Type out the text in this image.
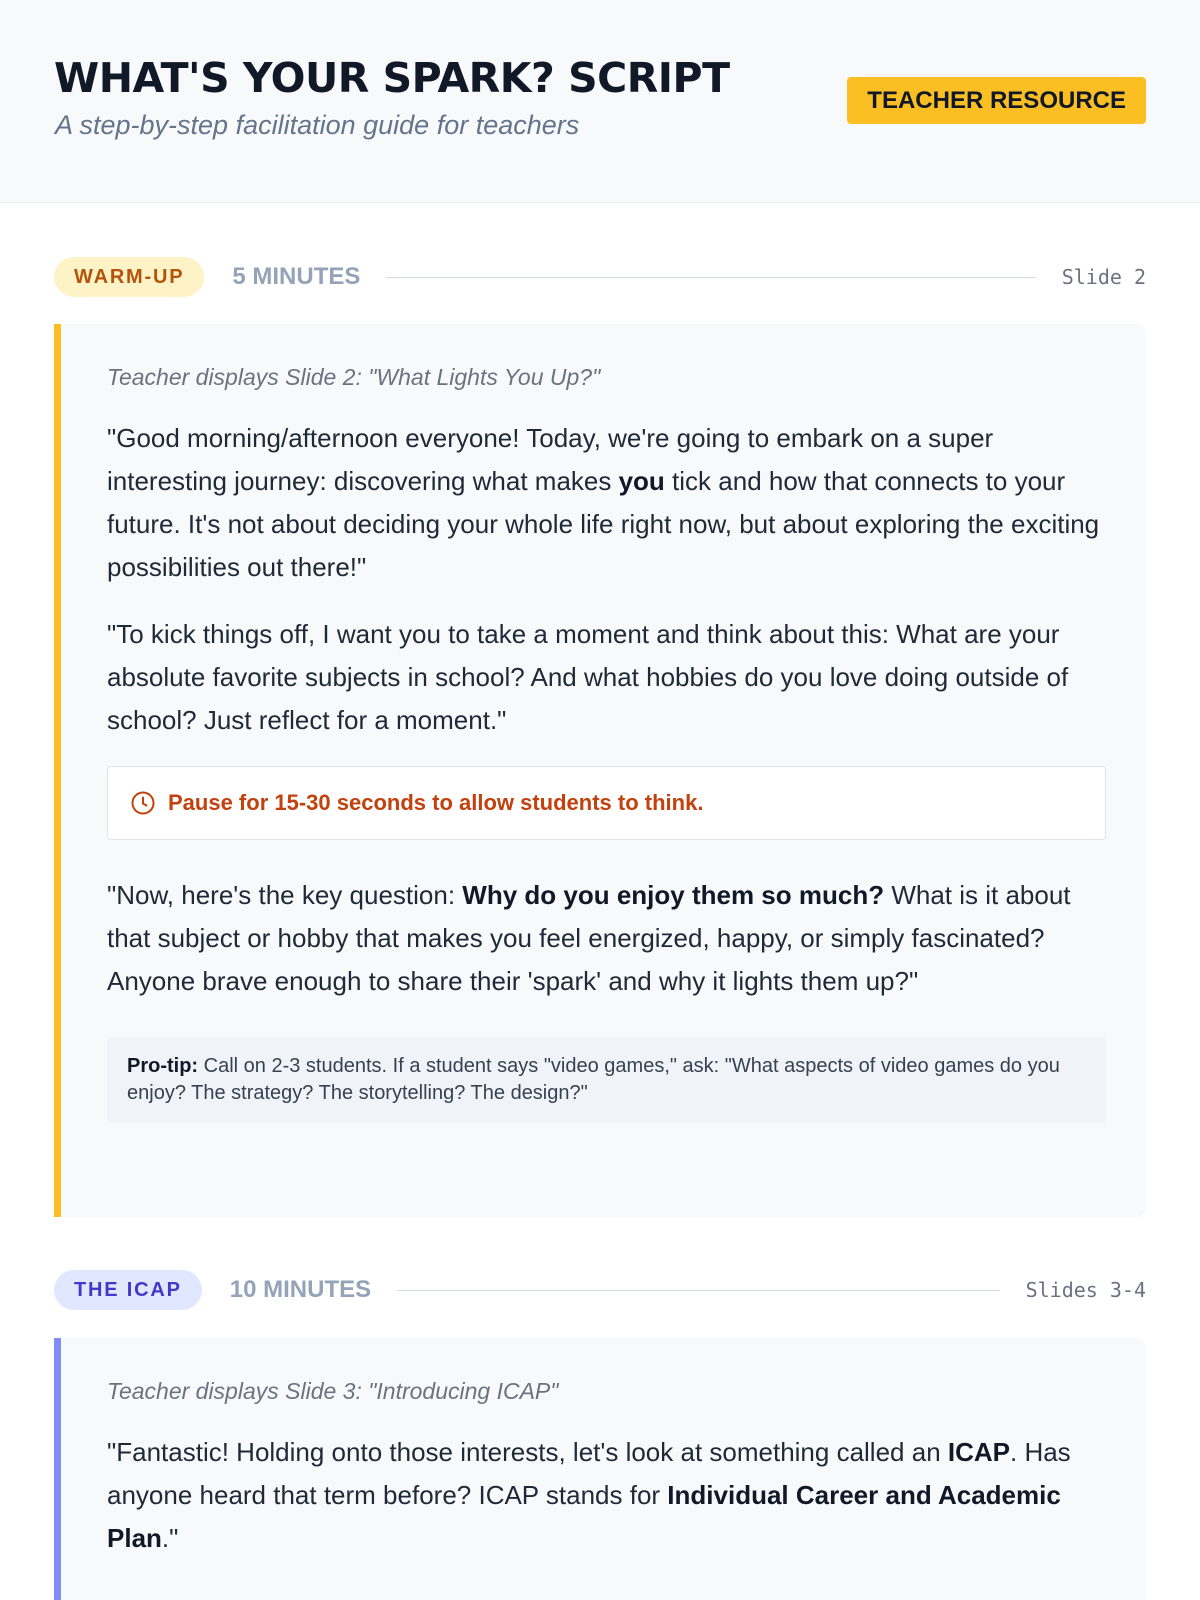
WHAT'S YOUR SPARK? SCRIPT
A step-by-step facilitation guide for teachers
TEACHER RESOURCE
WARM-UP	5 MINUTES	Slide 2
Teacher displays Slide 2: "What Lights You Up?"

"Good morning/afternoon everyone! Today, we're going to embark on a super interesting journey: discovering what makes you tick and how that connects to your future. It's not about deciding your whole life right now, but about exploring the exciting possibilities out there!"

"To kick things off, I want you to take a moment and think about this: What are your absolute favorite subjects in school? And what hobbies do you love doing outside of school? Just reflect for a moment."

Pause for 15-30 seconds to allow students to think.

"Now, here's the key question: Why do you enjoy them so much? What is it about that subject or hobby that makes you feel energized, happy, or simply fascinated? Anyone brave enough to share their 'spark' and why it lights them up?"

Pro-tip: Call on 2-3 students. If a student says "video games," ask: "What aspects of video games do you enjoy? The strategy? The storytelling? The design?"
THE ICAP	10 MINUTES	Slides 3-4
Teacher displays Slide 3: "Introducing ICAP"

"Fantastic! Holding onto those interests, let's look at something called an ICAP. Has anyone heard that term before? ICAP stands for Individual Career and Academic Plan."
